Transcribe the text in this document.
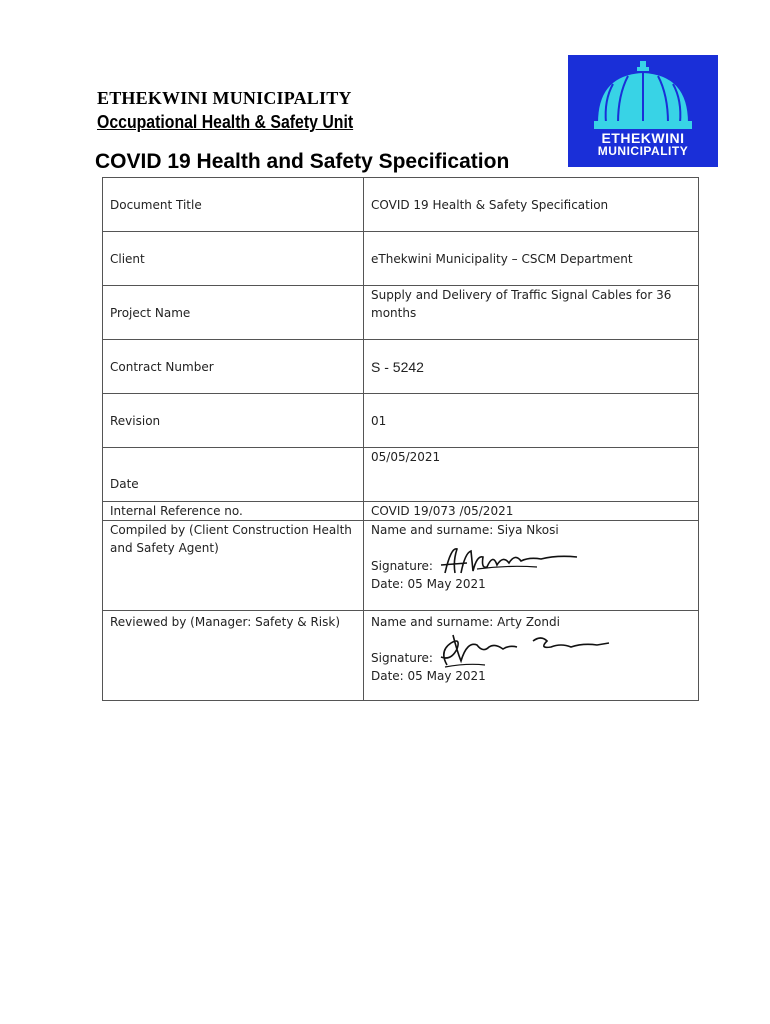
ETHEKWINI MUNICIPALITY
Occupational Health & Safety Unit
ETHEKWINI
MUNICIPALITY
COVID 19 Health and Safety Specification
Document Title	COVID 19 Health & Safety Specification
Client	eThekwini Municipality – CSCM Department
Project Name	Supply and Delivery of Traffic Signal Cables for 36 months
Contract Number	S - 5242
Revision	01
Date	05/05/2021
Internal Reference no.	COVID 19/073 /05/2021
Compiled by (Client Construction Health and Safety Agent)	Name and surname: Siya Nkosi
Signature:
Date: 05 May 2021

Reviewed by (Manager: Safety & Risk)	Name and surname: Arty Zondi
Signature:
Date: 05 May 2021
